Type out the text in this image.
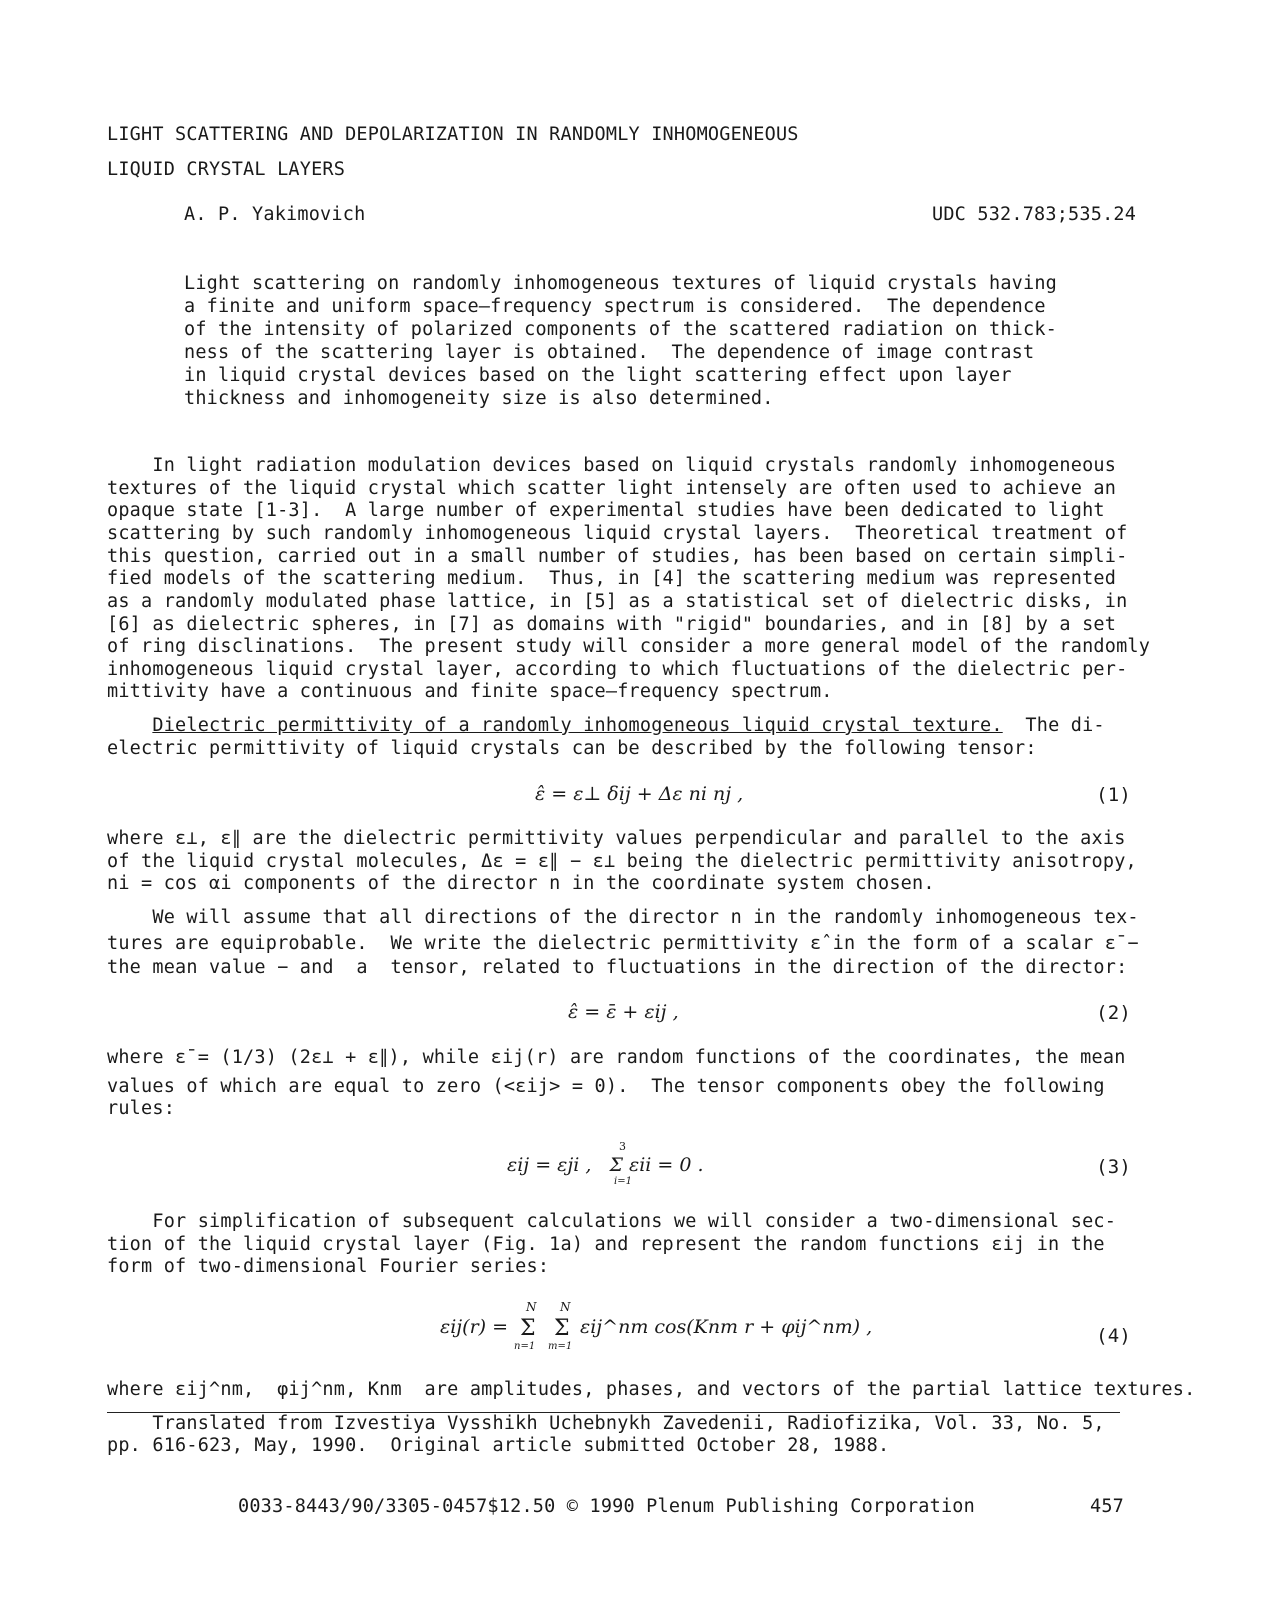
LIGHT SCATTERING AND DEPOLARIZATION IN RANDOMLY INHOMOGENEOUS
LIQUID CRYSTAL LAYERS
A. P. Yakimovich	UDC 532.783;535.24
Light scattering on randomly inhomogeneous textures of liquid crystals having
a finite and uniform space—frequency spectrum is considered.  The dependence
of the intensity of polarized components of the scattered radiation on thick-
ness of the scattering layer is obtained.  The dependence of image contrast
in liquid crystal devices based on the light scattering effect upon layer
thickness and inhomogeneity size is also determined.
In light radiation modulation devices based on liquid crystals randomly inhomogeneous
textures of the liquid crystal which scatter light intensely are often used to achieve an
opaque state [1-3].  A large number of experimental studies have been dedicated to light
scattering by such randomly inhomogeneous liquid crystal layers.  Theoretical treatment of
this question, carried out in a small number of studies, has been based on certain simpli-
fied models of the scattering medium.  Thus, in [4] the scattering medium was represented
as a randomly modulated phase lattice, in [5] as a statistical set of dielectric disks, in
[6] as dielectric spheres, in [7] as domains with "rigid" boundaries, and in [8] by a set
of ring disclinations.  The present study will consider a more general model of the randomly
inhomogeneous liquid crystal layer, according to which fluctuations of the dielectric per-
mittivity have a continuous and finite space—frequency spectrum.
Dielectric permittivity of a randomly inhomogeneous liquid crystal texture.  The di-
electric permittivity of liquid crystals can be described by the following tensor:
ε̂ = ε⊥ δij + Δε ni nj ,	(1)
where ε⊥, ε∥ are the dielectric permittivity values perpendicular and parallel to the axis
of the liquid crystal molecules, Δε = ε∥ − ε⊥ being the dielectric permittivity anisotropy,
ni = cos αi components of the director n in the coordinate system chosen.
We will assume that all directions of the director n in the randomly inhomogeneous tex-
tures are equiprobable.  We write the dielectric permittivity ε̂ in the form of a scalar ε̄ −
the mean value − and  a  tensor, related to fluctuations in the direction of the director:
ε̂ = ε̄ + εij ,	(2)
where ε̄ = (1/3) (2ε⊥ + ε∥), while εij(r) are random functions of the coordinates, the mean
values of which are equal to zero (<εij> = 0).  The tensor components obey the following
rules:
3
εij = εji ,   Σ εii = 0 .
i=1
(3)
For simplification of subsequent calculations we will consider a two-dimensional sec-
tion of the liquid crystal layer (Fig. 1a) and represent the random functions εij in the
form of two-dimensional Fourier series:
εij(r) =
N
Σ
n=1
N
Σ
m=1
εij^nm cos(Knm r + φij^nm) ,	(4)
where εij^nm,  φij^nm, Knm  are amplitudes, phases, and vectors of the partial lattice textures.
Translated from Izvestiya Vysshikh Uchebnykh Zavedenii, Radiofizika, Vol. 33, No. 5,
pp. 616-623, May, 1990.  Original article submitted October 28, 1988.
0033-8443/90/3305-0457$12.50 © 1990 Plenum Publishing Corporation	457
